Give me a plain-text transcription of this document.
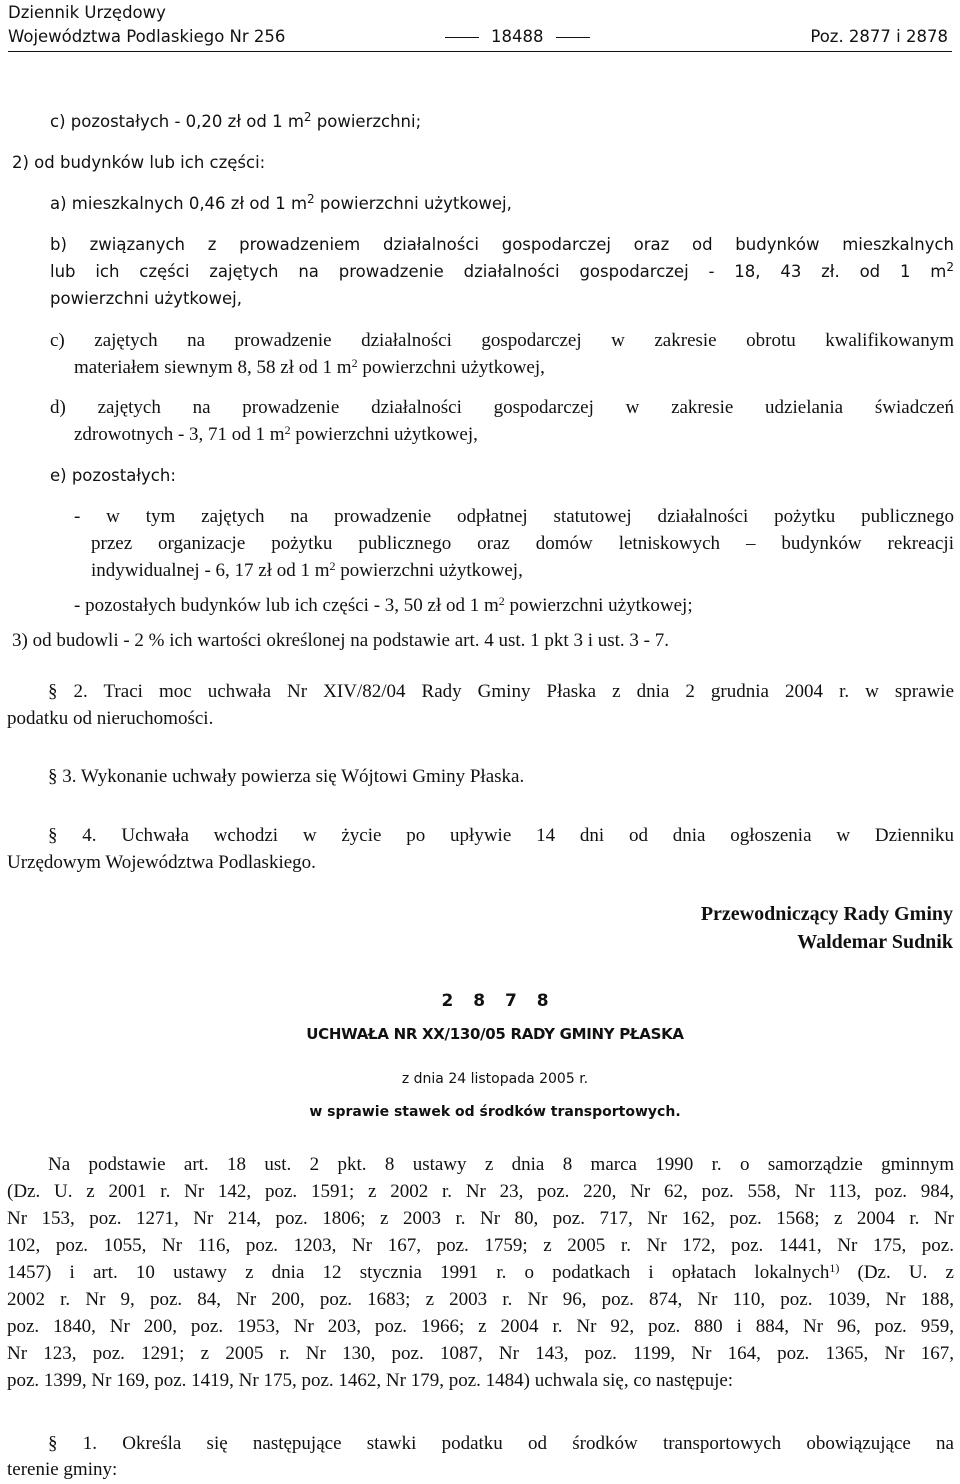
Dziennik Urzędowy
Województwa Podlaskiego Nr 256	18488	Poz. 2877 i 2878
c) pozostałych - 0,20 zł od 1 $m^2$ powierzchni;
2) od budynków lub ich części:
a) mieszkalnych 0,46 zł od 1 $m^2$ powierzchni użytkowej,
b) związanych z prowadzeniem działalności gospodarczej oraz od budynków mieszkalnych
lub ich części zajętych na prowadzenie działalności gospodarczej - 18, 43 zł. od 1 $m^2$
powierzchni użytkowej,
c) zajętych na prowadzenie działalności gospodarczej w zakresie obrotu kwalifikowanym
materiałem siewnym 8, 58 zł od 1 $m^2$ powierzchni użytkowej,
d) zajętych na prowadzenie działalności gospodarczej w zakresie udzielania świadczeń
zdrowotnych - 3, 71 od 1 $m^2$ powierzchni użytkowej,
e) pozostałych:
- w tym zajętych na prowadzenie odpłatnej statutowej działalności pożytku publicznego
przez organizacje pożytku publicznego oraz domów letniskowych – budynków rekreacji
indywidualnej - 6, 17 zł od 1 $m^2$ powierzchni użytkowej,
- pozostałych budynków lub ich części - 3, 50 zł od 1 $m^2$ powierzchni użytkowej;
3) od budowli - 2 % ich wartości określonej na podstawie art. 4 ust. 1 pkt 3 i ust. 3 - 7.
§ 2. Traci moc uchwała Nr XIV/82/04 Rady Gminy Płaska z dnia 2 grudnia 2004 r. w sprawie
podatku od nieruchomości.
§ 3. Wykonanie uchwały powierza się Wójtowi Gminy Płaska.
§ 4. Uchwała wchodzi w życie po upływie 14 dni od dnia ogłoszenia w Dzienniku
Urzędowym Województwa Podlaskiego.
Przewodniczący Rady Gminy
Waldemar Sudnik
2 8 7 8
UCHWAŁA NR XX/130/05 RADY GMINY PŁASKA
z dnia 24 listopada 2005 r.
w sprawie stawek od środków transportowych.
Na podstawie art. 18 ust. 2 pkt. 8 ustawy z dnia 8 marca 1990 r. o samorządzie gminnym
(Dz. U. z 2001 r. Nr 142, poz. 1591; z 2002 r. Nr 23, poz. 220, Nr 62, poz. 558, Nr 113, poz. 984,
Nr 153, poz. 1271, Nr 214, poz. 1806; z 2003 r. Nr 80, poz. 717, Nr 162, poz. 1568; z 2004 r. Nr
102, poz. 1055, Nr 116, poz. 1203, Nr 167, poz. 1759; z 2005 r. Nr 172, poz. 1441, Nr 175, poz.
1457) i art. 10 ustawy z dnia 12 stycznia 1991 r. o podatkach i opłatach lokalnych$^{1)}$ (Dz. U. z
2002 r. Nr 9, poz. 84, Nr 200, poz. 1683; z 2003 r. Nr 96, poz. 874, Nr 110, poz. 1039, Nr 188,
poz. 1840, Nr 200, poz. 1953, Nr 203, poz. 1966; z 2004 r. Nr 92, poz. 880 i 884, Nr 96, poz. 959,
Nr 123, poz. 1291; z 2005 r. Nr 130, poz. 1087, Nr 143, poz. 1199, Nr 164, poz. 1365, Nr 167,
poz. 1399, Nr 169, poz. 1419, Nr 175, poz. 1462, Nr 179, poz. 1484) uchwala się, co następuje:
§ 1. Określa się następujące stawki podatku od środków transportowych obowiązujące na
terenie gminy:
